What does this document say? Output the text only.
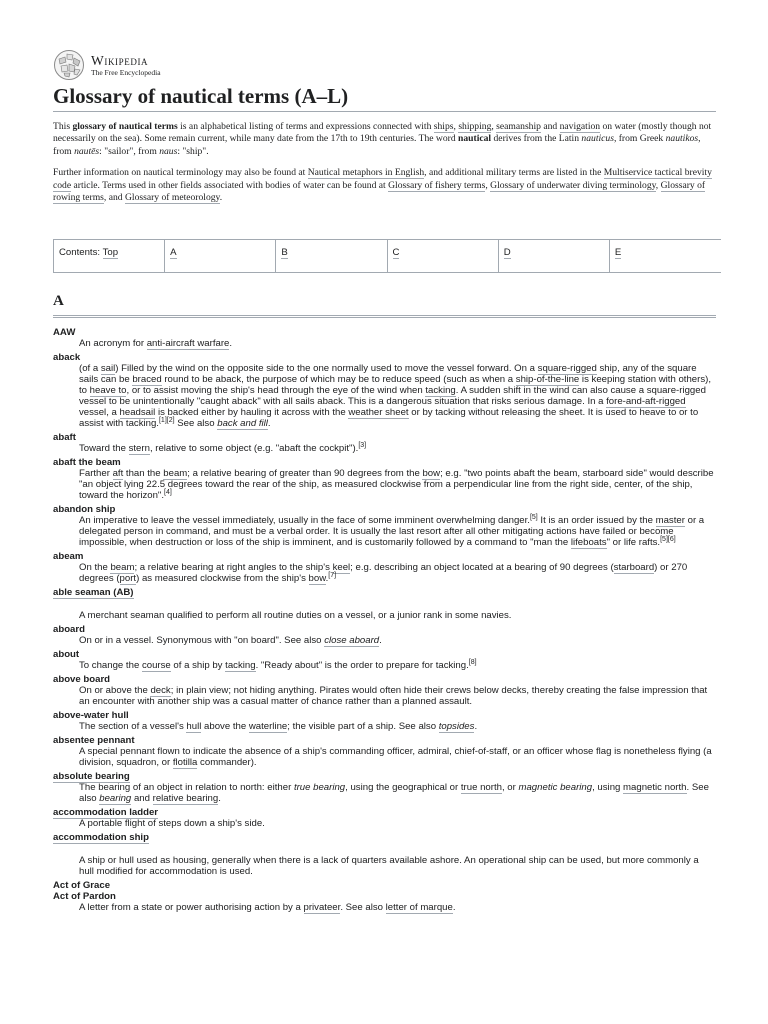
Wikipedia
The Free Encyclopedia
Glossary of nautical terms (A–L)

This glossary of nautical terms is an alphabetical listing of terms and expressions connected with ships, shipping, seamanship and navigation on water (mostly though not necessarily on the sea). Some remain current, while many date from the 17th to 19th centuries. The word nautical derives from the Latin nauticus, from Greek nautikos, from nautēs: "sailor", from naus: "ship".

Further information on nautical terminology may also be found at Nautical metaphors in English, and additional military terms are listed in the Multiservice tactical brevity code article. Terms used in other fields associated with bodies of water can be found at Glossary of fishery terms, Glossary of underwater diving terminology, Glossary of rowing terms, and Glossary of meteorology.

Contents: Top	A	B	C	D	E
A
AAW
An acronym for anti-aircraft warfare.
aback
(of a sail) Filled by the wind on the opposite side to the one normally used to move the vessel forward. On a square-rigged ship, any of the square sails can be braced round to be aback, the purpose of which may be to reduce speed (such as when a ship-of-the-line is keeping station with others), to heave to, or to assist moving the ship's head through the eye of the wind when tacking. A sudden shift in the wind can also cause a square-rigged vessel to be unintentionally "caught aback" with all sails aback. This is a dangerous situation that risks serious damage. In a fore-and-aft-rigged vessel, a headsail is backed either by hauling it across with the weather sheet or by tacking without releasing the sheet. It is used to heave to or to assist with tacking.[1][2] See also back and fill.
abaft
Toward the stern, relative to some object (e.g. "abaft the cockpit").[3]
abaft the beam
Farther aft than the beam; a relative bearing of greater than 90 degrees from the bow; e.g. "two points abaft the beam, starboard side" would describe "an object lying 22.5 degrees toward the rear of the ship, as measured clockwise from a perpendicular line from the right side, center, of the ship, toward the horizon".[4]
abandon ship
An imperative to leave the vessel immediately, usually in the face of some imminent overwhelming danger.[5] It is an order issued by the master or a delegated person in command, and must be a verbal order. It is usually the last resort after all other mitigating actions have failed or become impossible, when destruction or loss of the ship is imminent, and is customarily followed by a command to "man the lifeboats" or life rafts.[5][6]
abeam
On the beam; a relative bearing at right angles to the ship's keel; e.g. describing an object located at a bearing of 90 degrees (starboard) or 270 degrees (port) as measured clockwise from the ship's bow.[7]
able seaman (AB)
A merchant seaman qualified to perform all routine duties on a vessel, or a junior rank in some navies.
aboard
On or in a vessel. Synonymous with "on board". See also close aboard.
about
To change the course of a ship by tacking. "Ready about" is the order to prepare for tacking.[8]
above board
On or above the deck; in plain view; not hiding anything. Pirates would often hide their crews below decks, thereby creating the false impression that an encounter with another ship was a casual matter of chance rather than a planned assault.
above-water hull
The section of a vessel's hull above the waterline; the visible part of a ship. See also topsides.
absentee pennant
A special pennant flown to indicate the absence of a ship's commanding officer, admiral, chief-of-staff, or an officer whose flag is nonetheless flying (a division, squadron, or flotilla commander).
absolute bearing
The bearing of an object in relation to north: either true bearing, using the geographical or true north, or magnetic bearing, using magnetic north. See also bearing and relative bearing.
accommodation ladder
A portable flight of steps down a ship's side.
accommodation ship
A ship or hull used as housing, generally when there is a lack of quarters available ashore. An operational ship can be used, but more commonly a hull modified for accommodation is used.
Act of Grace
Act of Pardon
A letter from a state or power authorising action by a privateer. See also letter of marque.
